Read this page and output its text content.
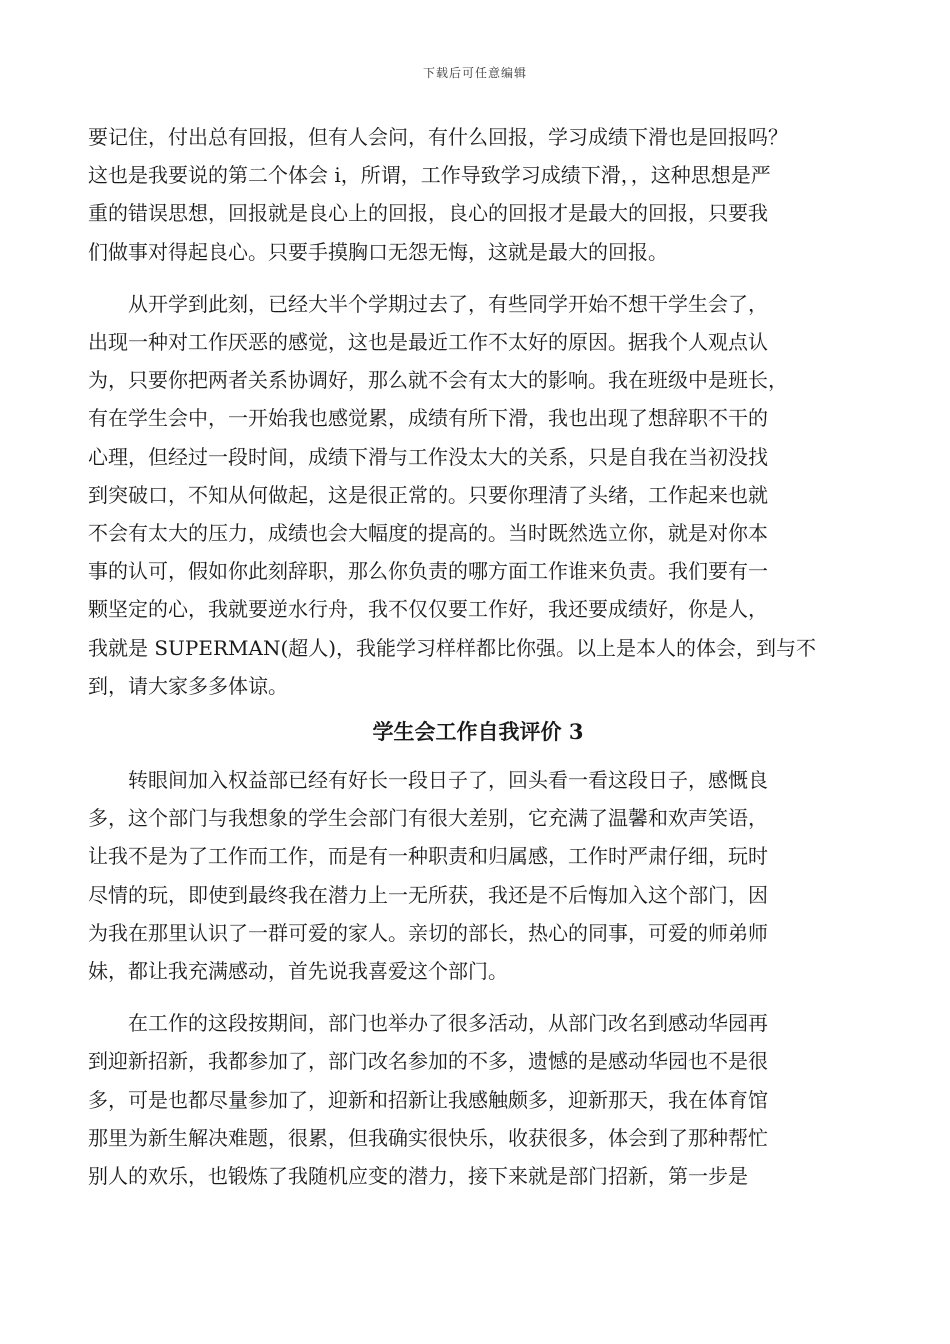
下载后可任意编辑

要记住，付出总有回报，但有人会问，有什么回报，学习成绩下滑也是回报吗？
这也是我要说的第二个体会 i，所谓，工作导致学习成绩下滑，，这种思想是严
重的错误思想，回报就是良心上的回报，良心的回报才是最大的回报，只要我
们做事对得起良心。只要手摸胸口无怨无悔，这就是最大的回报。

　　从开学到此刻，已经大半个学期过去了，有些同学开始不想干学生会了，
出现一种对工作厌恶的感觉，这也是最近工作不太好的原因。据我个人观点认
为，只要你把两者关系协调好，那么就不会有太大的影响。我在班级中是班长，
有在学生会中，一开始我也感觉累，成绩有所下滑，我也出现了想辞职不干的
心理，但经过一段时间，成绩下滑与工作没太大的关系，只是自我在当初没找
到突破口，不知从何做起，这是很正常的。只要你理清了头绪，工作起来也就
不会有太大的压力，成绩也会大幅度的提高的。当时既然选立你，就是对你本
事的认可，假如你此刻辞职，那么你负责的哪方面工作谁来负责。我们要有一
颗坚定的心，我就要逆水行舟，我不仅仅要工作好，我还要成绩好，你是人，
我就是 SUPERMAN(超人)，我能学习样样都比你强。以上是本人的体会，到与不
到，请大家多多体谅。

学生会工作自我评价 3

　　转眼间加入权益部已经有好长一段日子了，回头看一看这段日子，感慨良
多，这个部门与我想象的学生会部门有很大差别，它充满了温馨和欢声笑语，
让我不是为了工作而工作，而是有一种职责和归属感，工作时严肃仔细，玩时
尽情的玩，即使到最终我在潜力上一无所获，我还是不后悔加入这个部门，因
为我在那里认识了一群可爱的家人。亲切的部长，热心的同事，可爱的师弟师
妹，都让我充满感动，首先说我喜爱这个部门。

　　在工作的这段按期间，部门也举办了很多活动，从部门改名到感动华园再
到迎新招新，我都参加了，部门改名参加的不多，遗憾的是感动华园也不是很
多，可是也都尽量参加了，迎新和招新让我感触颇多，迎新那天，我在体育馆
那里为新生解决难题，很累，但我确实很快乐，收获很多，体会到了那种帮忙
别人的欢乐，也锻炼了我随机应变的潜力，接下来就是部门招新，第一步是
